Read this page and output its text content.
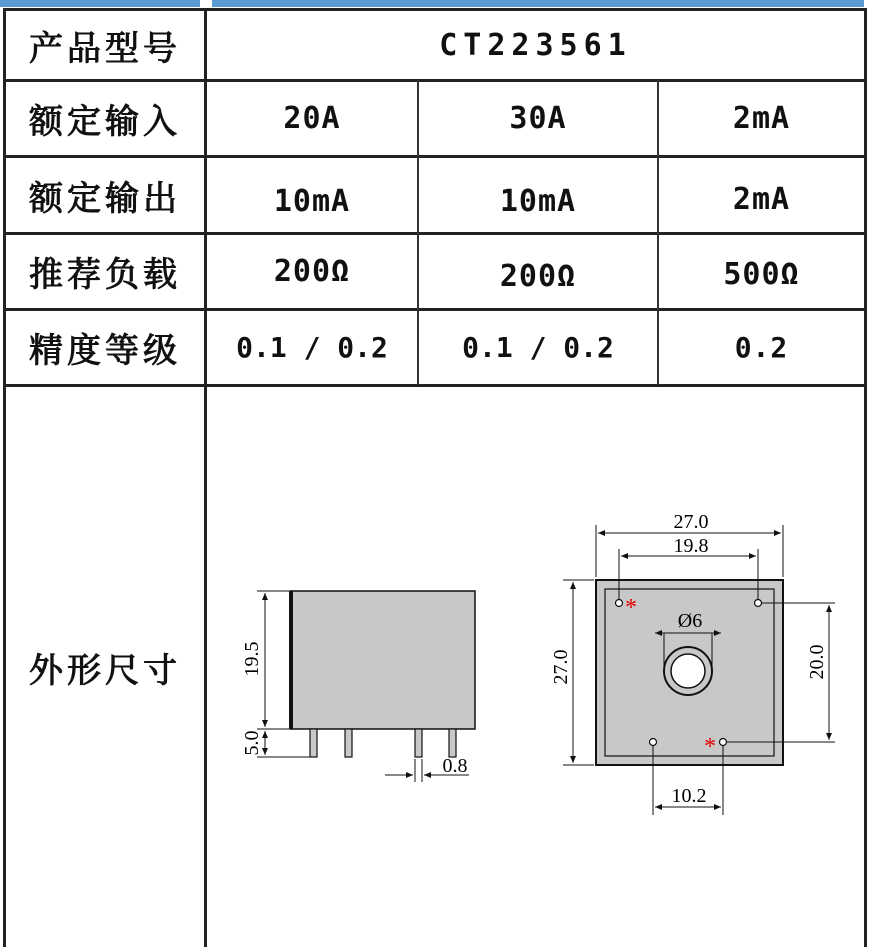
产品型号	CT223561
额定输入	20A	30A	2mA
额定输出	10mA	10mA	2mA
推荐负载	200Ω	200Ω	500Ω
精度等级	0.1 / 0.2	0.1 / 0.2	0.2
外形尺寸	19.5
5.0
0.8
*
*
27.0
19.8
Ø6
27.0	20.0
10.2
